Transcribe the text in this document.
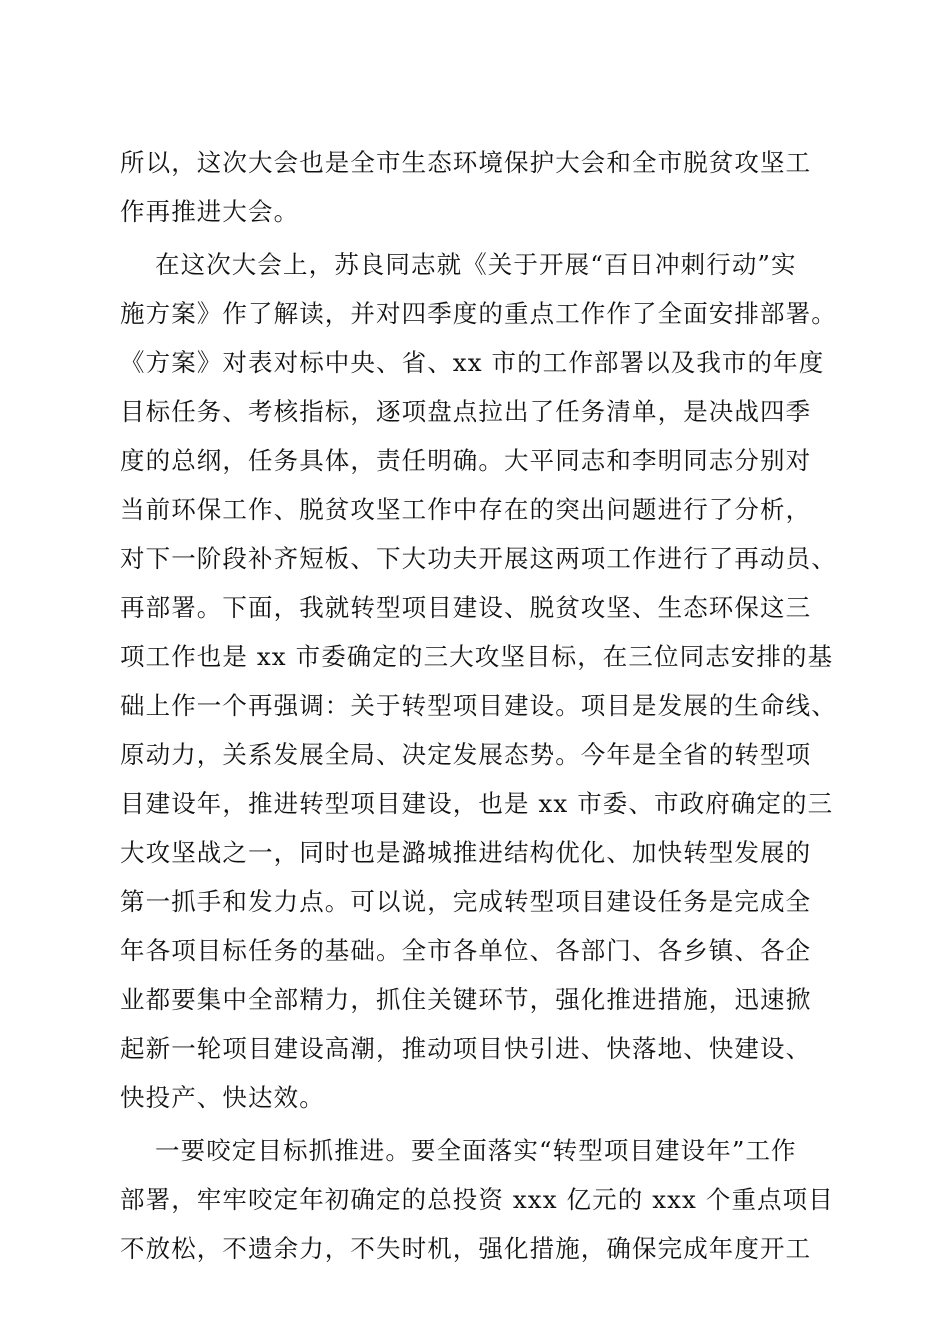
所以，这次大会也是全市生态环境保护大会和全市脱贫攻坚工
作再推进大会。
在这次大会上，苏良同志就《关于开展“百日冲刺行动”实
施方案》作了解读，并对四季度的重点工作作了全面安排部署。
《方案》对表对标中央、省、xx 市的工作部署以及我市的年度
目标任务、考核指标，逐项盘点拉出了任务清单，是决战四季
度的总纲，任务具体，责任明确。大平同志和李明同志分别对
当前环保工作、脱贫攻坚工作中存在的突出问题进行了分析，
对下一阶段补齐短板、下大功夫开展这两项工作进行了再动员、
再部署。下面，我就转型项目建设、脱贫攻坚、生态环保这三
项工作也是 xx 市委确定的三大攻坚目标，在三位同志安排的基
础上作一个再强调：关于转型项目建设。项目是发展的生命线、
原动力，关系发展全局、决定发展态势。今年是全省的转型项
目建设年，推进转型项目建设，也是 xx 市委、市政府确定的三
大攻坚战之一，同时也是潞城推进结构优化、加快转型发展的
第一抓手和发力点。可以说，完成转型项目建设任务是完成全
年各项目标任务的基础。全市各单位、各部门、各乡镇、各企
业都要集中全部精力，抓住关键环节，强化推进措施，迅速掀
起新一轮项目建设高潮，推动项目快引进、快落地、快建设、
快投产、快达效。
一要咬定目标抓推进。要全面落实“转型项目建设年”工作
部署，牢牢咬定年初确定的总投资 xxx 亿元的 xxx 个重点项目
不放松，不遗余力，不失时机，强化措施，确保完成年度开工
